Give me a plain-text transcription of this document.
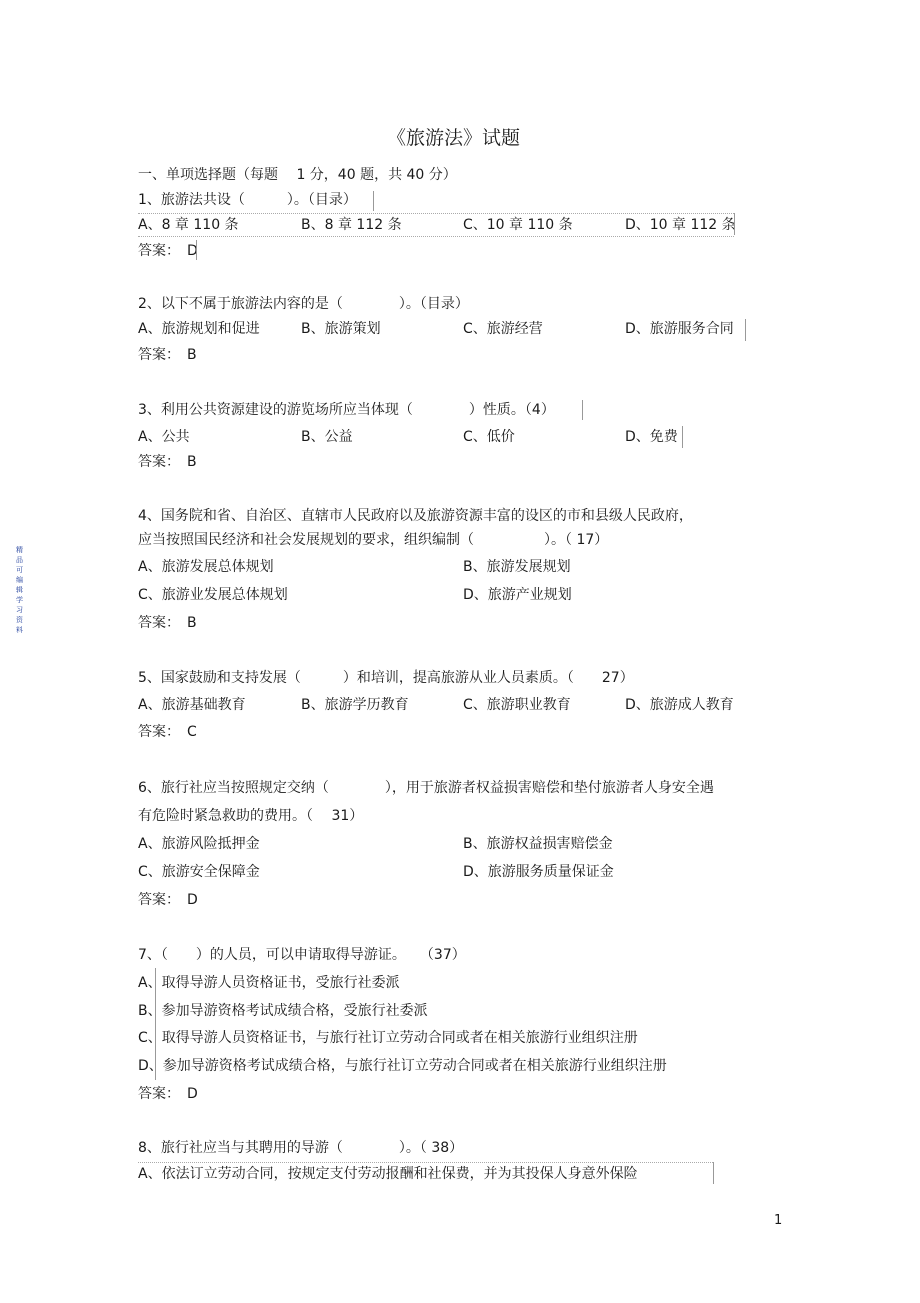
《旅游法》试题
一、单项选择题（每题　 1 分，40 题，共 40 分）
精品可编辑学习资料
1、旅游法共设（　　　）。（目录）
A、8 章 110 条	B、8 章 112 条	C、10 章 110 条	D、10 章 112 条
答案： D
2、以下不属于旅游法内容的是（　　　　）。（目录）
A、旅游规划和促进	B、旅游策划	C、旅游经营	D、旅游服务合同
答案： B
3、利用公共资源建设的游览场所应当体现（　　　　）性质。（4）
A、公共	B、公益	C、低价	D、免费
答案： B
4、国务院和省、自治区、直辖市人民政府以及旅游资源丰富的设区的市和县级人民政府，
应当按照国民经济和社会发展规划的要求，组织编制（　　　　　）。（ 17）
A、旅游发展总体规划	B、旅游发展规划
C、旅游业发展总体规划	D、旅游产业规划
答案： B
5、国家鼓励和支持发展（　　　）和培训，提高旅游从业人员素质。（　　27）
A、旅游基础教育	B、旅游学历教育	C、旅游职业教育	D、旅游成人教育
答案： C
6、旅行社应当按照规定交纳（　　　　），用于旅游者权益损害赔偿和垫付旅游者人身安全遇
有危险时紧急救助的费用。（　 31）
A、旅游风险抵押金	B、旅游权益损害赔偿金
C、旅游安全保障金	D、旅游服务质量保证金
答案： D
7、（　　）的人员，可以申请取得导游证。　　（37）
A、取得导游人员资格证书，受旅行社委派
B、参加导游资格考试成绩合格，受旅行社委派
C、取得导游人员资格证书，与旅行社订立劳动合同或者在相关旅游行业组织注册
D、参加导游资格考试成绩合格，与旅行社订立劳动合同或者在相关旅游行业组织注册
答案： D
8、旅行社应当与其聘用的导游（　　　　）。（ 38）
A、依法订立劳动合同，按规定支付劳动报酬和社保费，并为其投保人身意外保险
1
